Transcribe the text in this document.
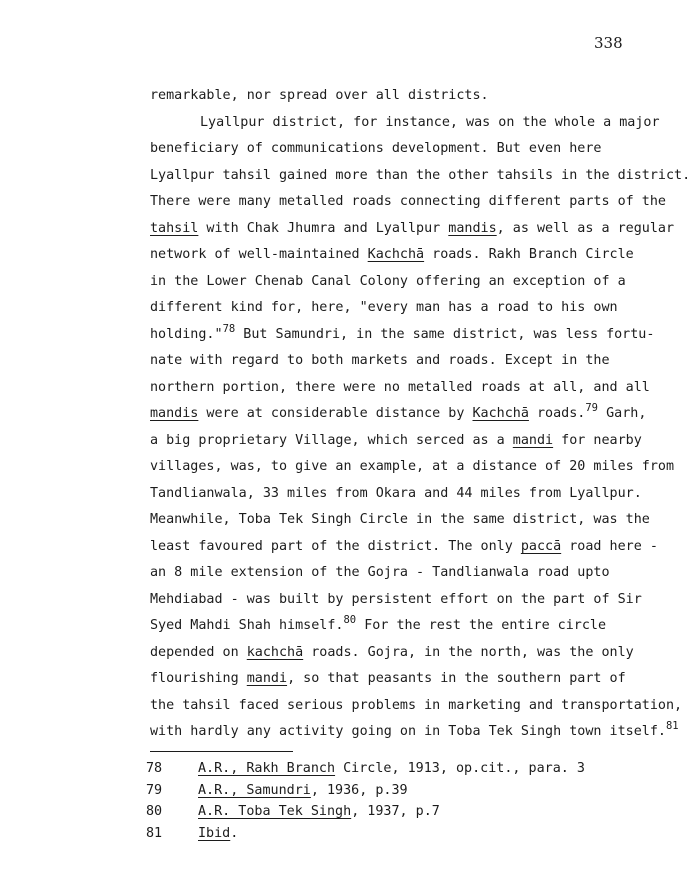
338
remarkable, nor spread over all districts.
Lyallpur district, for instance, was on the whole a major
beneficiary of communications development. But even here
Lyallpur tahsil gained more than the other tahsils in the district.
There were many metalled roads connecting different parts of the
tahsil with Chak Jhumra and Lyallpur mandis, as well as a regular
network of well-maintained Kachchā roads. Rakh Branch Circle
in the Lower Chenab Canal Colony offering an exception of a
different kind for, here, "every man has a road to his own
holding."$^{78}$ But Samundri, in the same district, was less fortu-
nate with regard to both markets and roads. Except in the
northern portion, there were no metalled roads at all, and all
mandis were at considerable distance by Kachchā roads.$^{79}$ Garh,
a big proprietary Village, which serced as a mandi for nearby
villages, was, to give an example, at a distance of 20 miles from
Tandlianwala, 33 miles from Okara and 44 miles from Lyallpur.
Meanwhile, Toba Tek Singh Circle in the same district, was the
least favoured part of the district. The only paccā road here -
an 8 mile extension of the Gojra - Tandlianwala road upto
Mehdiabad - was built by persistent effort on the part of Sir
Syed Mahdi Shah himself.$^{80}$ For the rest the entire circle
depended on kachchā roads. Gojra, in the north, was the only
flourishing mandi, so that peasants in the southern part of
the tahsil faced serious problems in marketing and transportation,
with hardly any activity going on in Toba Tek Singh town itself.$^{81}$
78	A.R., Rakh Branch Circle, 1913, op.cit., para. 3
79	A.R., Samundri, 1936, p.39
80	A.R. Toba Tek Singh, 1937, p.7
81	Ibid.
